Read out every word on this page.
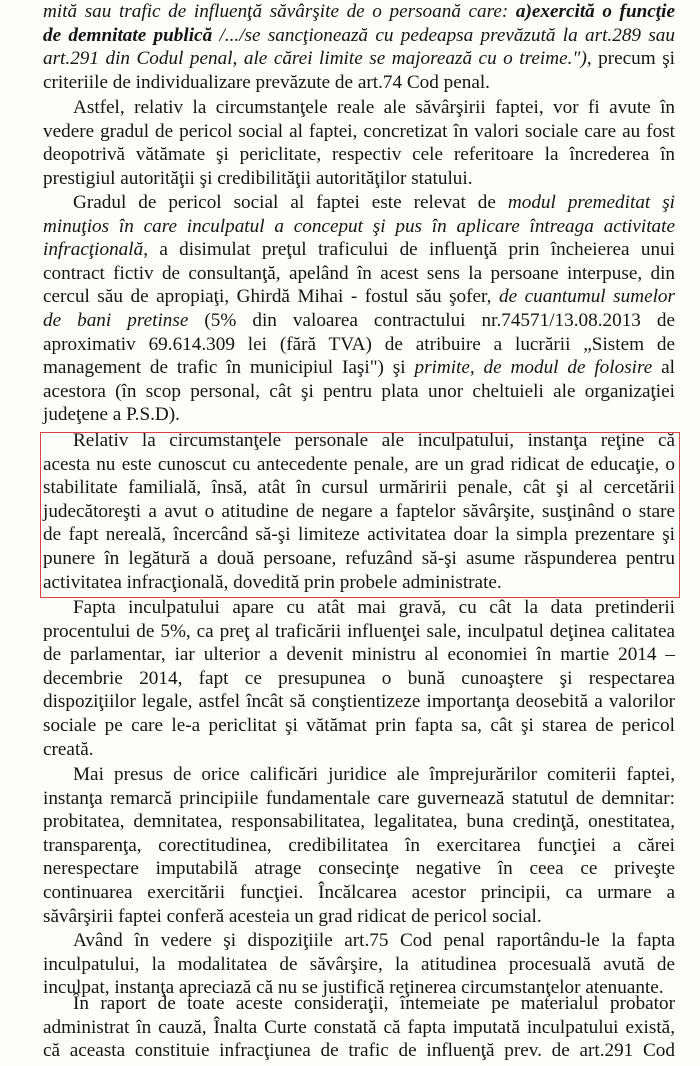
mită sau trafic de influenţă săvârşite de o persoană care: a)exercită o funcţie
de demnitate publică /.../se sancţionează cu pedeapsa prevăzută la art.289 sau
art.291 din Codul penal, ale cărei limite se majorează cu o treime."), precum şi
criteriile de individualizare prevăzute de art.74 Cod penal.
Astfel, relativ la circumstanţele reale ale săvârşirii faptei, vor fi avute în
vedere gradul de pericol social al faptei, concretizat în valori sociale care au fost
deopotrivă vătămate şi periclitate, respectiv cele referitoare la încrederea în
prestigiul autorităţii şi credibilităţii autorităţilor statului.
Gradul de pericol social al faptei este relevat de modul premeditat şi
minuţios în care inculpatul a conceput şi pus în aplicare întreaga activitate
infracţională, a disimulat preţul traficului de influenţă prin încheierea unui
contract fictiv de consultanţă, apelând în acest sens la persoane interpuse, din
cercul său de apropiaţi, Ghirdă Mihai - fostul său şofer, de cuantumul sumelor
de bani pretinse (5% din valoarea contractului nr.74571/13.08.2013 de
aproximativ 69.614.309 lei (fără TVA) de atribuire a lucrării „Sistem de
management de trafic în municipiul Iaşi") şi primite, de modul de folosire al
acestora (în scop personal, cât şi pentru plata unor cheltuieli ale organizaţiei
judeţene a P.S.D).
Relativ la circumstanţele personale ale inculpatului, instanţa reţine că
acesta nu este cunoscut cu antecedente penale, are un grad ridicat de educaţie, o
stabilitate familială, însă, atât în cursul urmăririi penale, cât şi al cercetării
judecătoreşti a avut o atitudine de negare a faptelor săvârşite, susţinând o stare
de fapt nereală, încercând să-şi limiteze activitatea doar la simpla prezentare şi
punere în legătură a două persoane, refuzând să-şi asume răspunderea pentru
activitatea infracţională, dovedită prin probele administrate.
Fapta inculpatului apare cu atât mai gravă, cu cât la data pretinderii
procentului de 5%, ca preţ al traficării influenţei sale, inculpatul deţinea calitatea
de parlamentar, iar ulterior a devenit ministru al economiei în martie 2014 –
decembrie 2014, fapt ce presupunea o bună cunoaştere şi respectarea
dispoziţiilor legale, astfel încât să conştientizeze importanţa deosebită a valorilor
sociale pe care le-a periclitat şi vătămat prin fapta sa, cât şi starea de pericol
creată.
Mai presus de orice calificări juridice ale împrejurărilor comiterii faptei,
instanţa remarcă principiile fundamentale care guvernează statutul de demnitar:
probitatea, demnitatea, responsabilitatea, legalitatea, buna credinţă, onestitatea,
transparenţa, corectitudinea, credibilitatea în exercitarea funcţiei a cărei
nerespectare imputabilă atrage consecinţe negative în ceea ce priveşte
continuarea exercitării funcţiei. Încălcarea acestor principii, ca urmare a
săvârşirii faptei conferă acesteia un grad ridicat de pericol social.
Având în vedere şi dispoziţiile art.75 Cod penal raportându-le la fapta
inculpatului, la modalitatea de săvârşire, la atitudinea procesuală avută de
inculpat, instanţa apreciază că nu se justifică reţinerea circumstanţelor atenuante.
În raport de toate aceste consideraţii, întemeiate pe materialul probator
administrat în cauză, Înalta Curte constată că fapta imputată inculpatului există,
că aceasta constituie infracţiunea de trafic de influenţă prev. de art.291 Cod
